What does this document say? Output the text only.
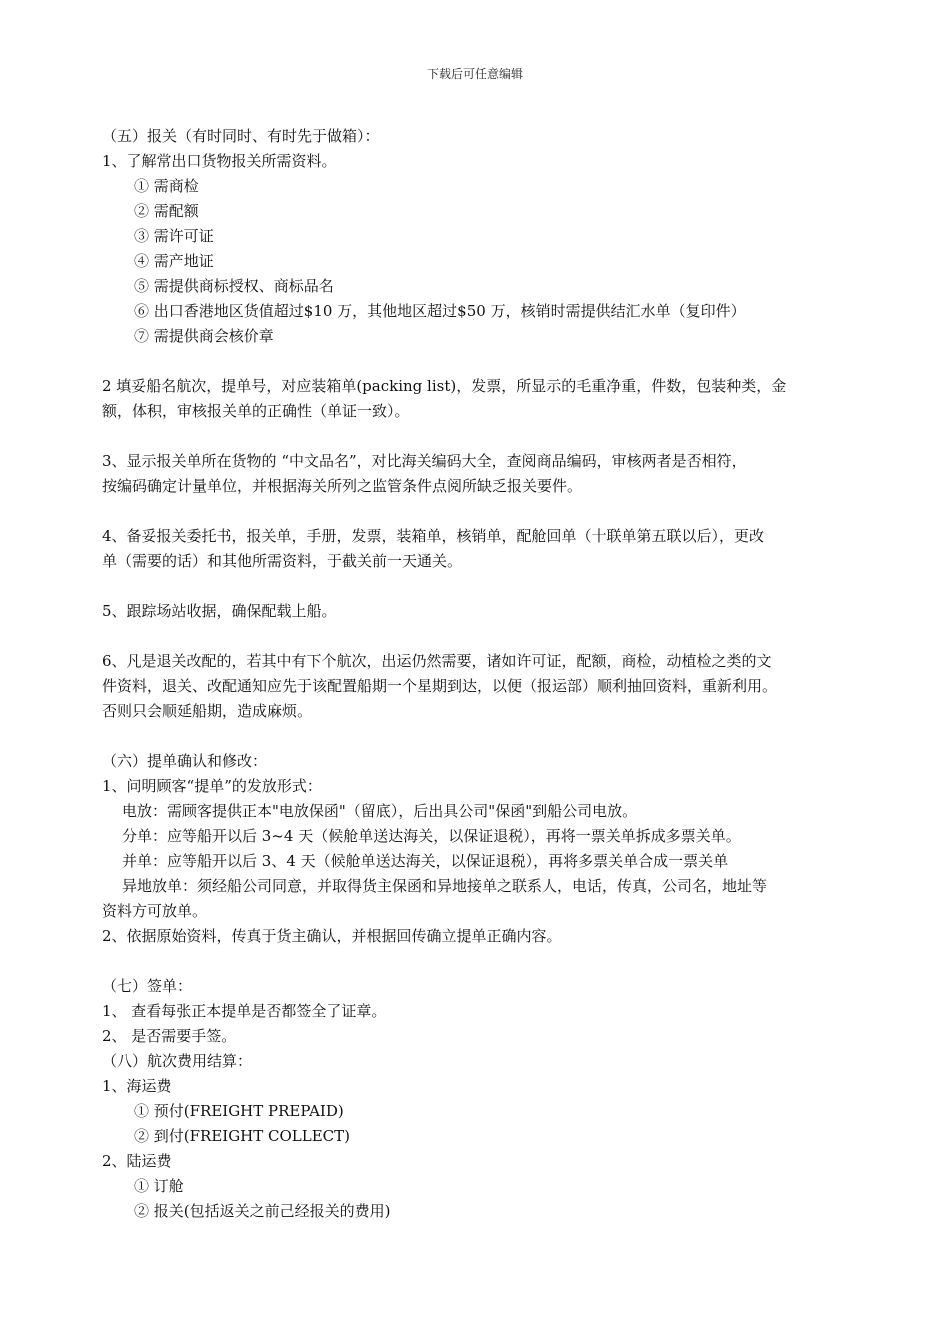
下载后可任意编辑
（五）报关（有时同时、有时先于做箱）：
1、了解常出口货物报关所需资料。
① 需商检
② 需配额
③ 需许可证
④ 需产地证
⑤ 需提供商标授权、商标品名
⑥ 出口香港地区货值超过$10 万，其他地区超过$50 万，核销时需提供结汇水单（复印件）
⑦ 需提供商会核价章
2 填妥船名航次，提单号，对应装箱单(packing list)，发票，所显示的毛重净重，件数，包装种类，金
额，体积，审核报关单的正确性（单证一致）。
3、显示报关单所在货物的 “中文品名”，对比海关编码大全，查阅商品编码，审核两者是否相符，
按编码确定计量单位，并根据海关所列之监管条件点阅所缺乏报关要件。
4、备妥报关委托书，报关单，手册，发票，装箱单，核销单，配舱回单（十联单第五联以后），更改
单（需要的话）和其他所需资料，于截关前一天通关。
5、跟踪场站收据，确保配载上船。
6、凡是退关改配的，若其中有下个航次，出运仍然需要，诸如许可证，配额，商检，动植检之类的文
件资料，退关、改配通知应先于该配置船期一个星期到达，以便（报运部）顺利抽回资料，重新利用。
否则只会顺延船期，造成麻烦。
（六）提单确认和修改：
1、问明顾客“提单”的发放形式：
电放：需顾客提供正本"电放保函"（留底），后出具公司"保函"到船公司电放。
分单：应等船开以后 3~4 天（候舱单送达海关，以保证退税），再将一票关单拆成多票关单。
并单：应等船开以后 3、4 天（候舱单送达海关，以保证退税），再将多票关单合成一票关单
异地放单：须经船公司同意，并取得货主保函和异地接单之联系人，电话，传真，公司名，地址等
资料方可放单。
2、依据原始资料，传真于货主确认，并根据回传确立提单正确内容。
（七）签单：
1、 查看每张正本提单是否都签全了证章。
2、 是否需要手签。
（八）航次费用结算：
1、海运费
① 预付(FREIGHT PREPAID)
② 到付(FREIGHT COLLECT)
2、陆运费
① 订舱
② 报关(包括返关之前己经报关的费用)
